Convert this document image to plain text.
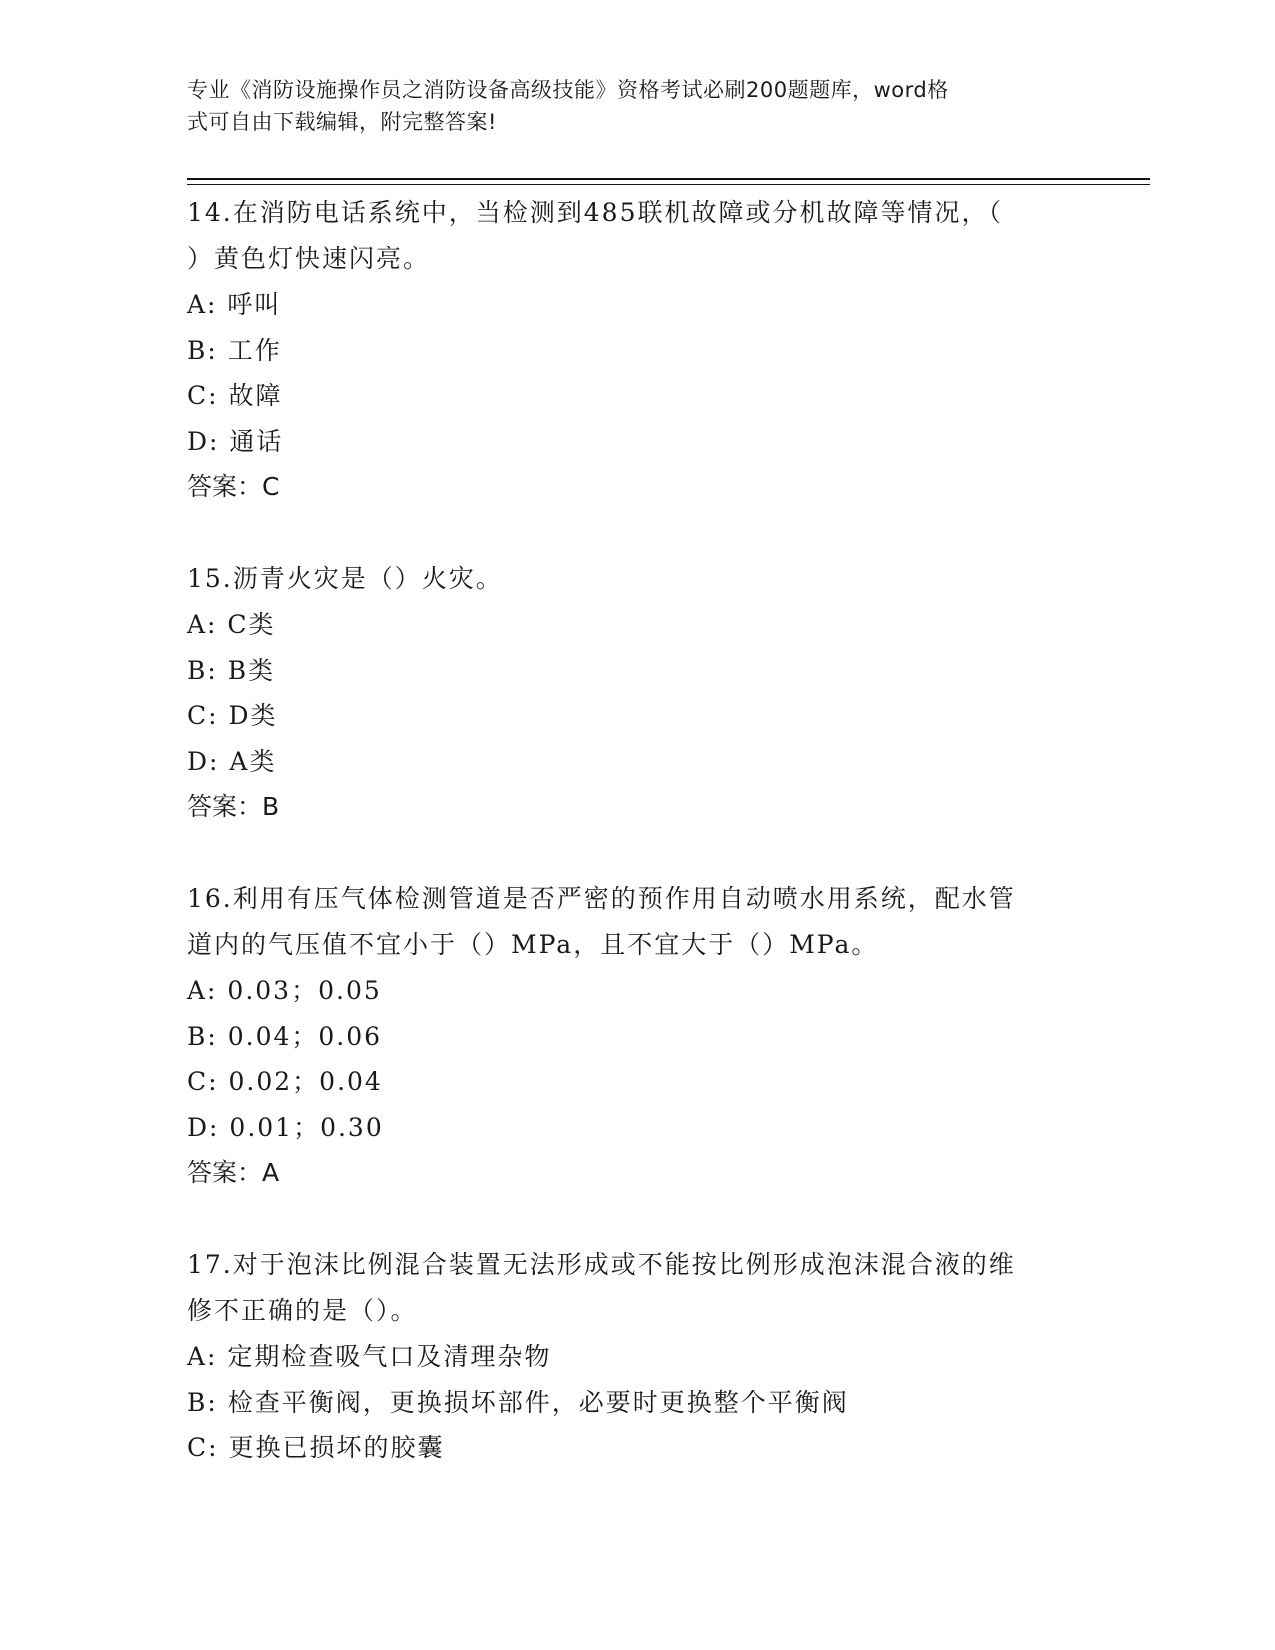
专业《消防设施操作员之消防设备高级技能》资格考试必刷200题题库，word格
式可自由下载编辑，附完整答案!
14.在消防电话系统中，当检测到485联机故障或分机故障等情况，（
）黄色灯快速闪亮。
A: 呼叫
B: 工作
C: 故障
D: 通话
答案：C
15.沥青火灾是（）火灾。
A: C类
B: B类
C: D类
D: A类
答案：B
16.利用有压气体检测管道是否严密的预作用自动喷水用系统，配水管
道内的气压值不宜小于（）MPa，且不宜大于（）MPa。
A: 0.03；0.05
B: 0.04；0.06
C: 0.02；0.04
D: 0.01；0.30
答案：A
17.对于泡沫比例混合装置无法形成或不能按比例形成泡沫混合液的维
修不正确的是（）。
A: 定期检查吸气口及清理杂物
B: 检查平衡阀，更换损坏部件，必要时更换整个平衡阀
C: 更换已损坏的胶囊
